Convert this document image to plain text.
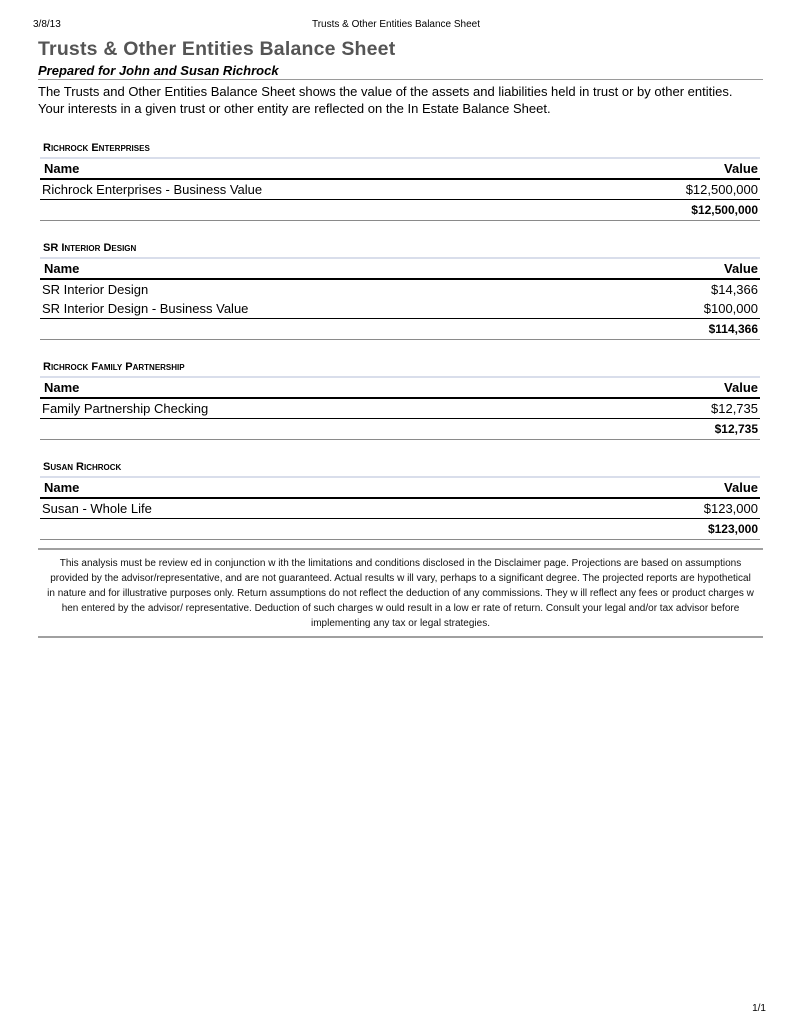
3/8/13	Trusts & Other Entities Balance Sheet
Trusts & Other Entities Balance Sheet
Prepared for John and Susan Richrock
The Trusts and Other Entities Balance Sheet shows the value of the assets and liabilities held in trust or by other entities. Your interests in a given trust or other entity are reflected on the In Estate Balance Sheet.
Richrock Enterprises
Name	Value
Richrock Enterprises - Business Value	$12,500,000
$12,500,000
SR Interior Design
Name	Value
SR Interior Design	$14,366
SR Interior Design - Business Value	$100,000
$114,366
Richrock Family Partnership
Name	Value
Family Partnership Checking	$12,735
$12,735
Susan Richrock
Name	Value
Susan - Whole Life	$123,000
$123,000
This analysis must be review ed in conjunction w ith the limitations and conditions disclosed in the Disclaimer page. Projections are based on assumptions provided by the advisor/representative, and are not guaranteed. Actual results w ill vary, perhaps to a significant degree. The projected reports are hypothetical in nature and for illustrative purposes only. Return assumptions do not reflect the deduction of any commissions. They w ill reflect any fees or product charges w hen entered by the advisor/ representative. Deduction of such charges w ould result in a low er rate of return. Consult your legal and/or tax advisor before implementing any tax or legal strategies.
1/1
